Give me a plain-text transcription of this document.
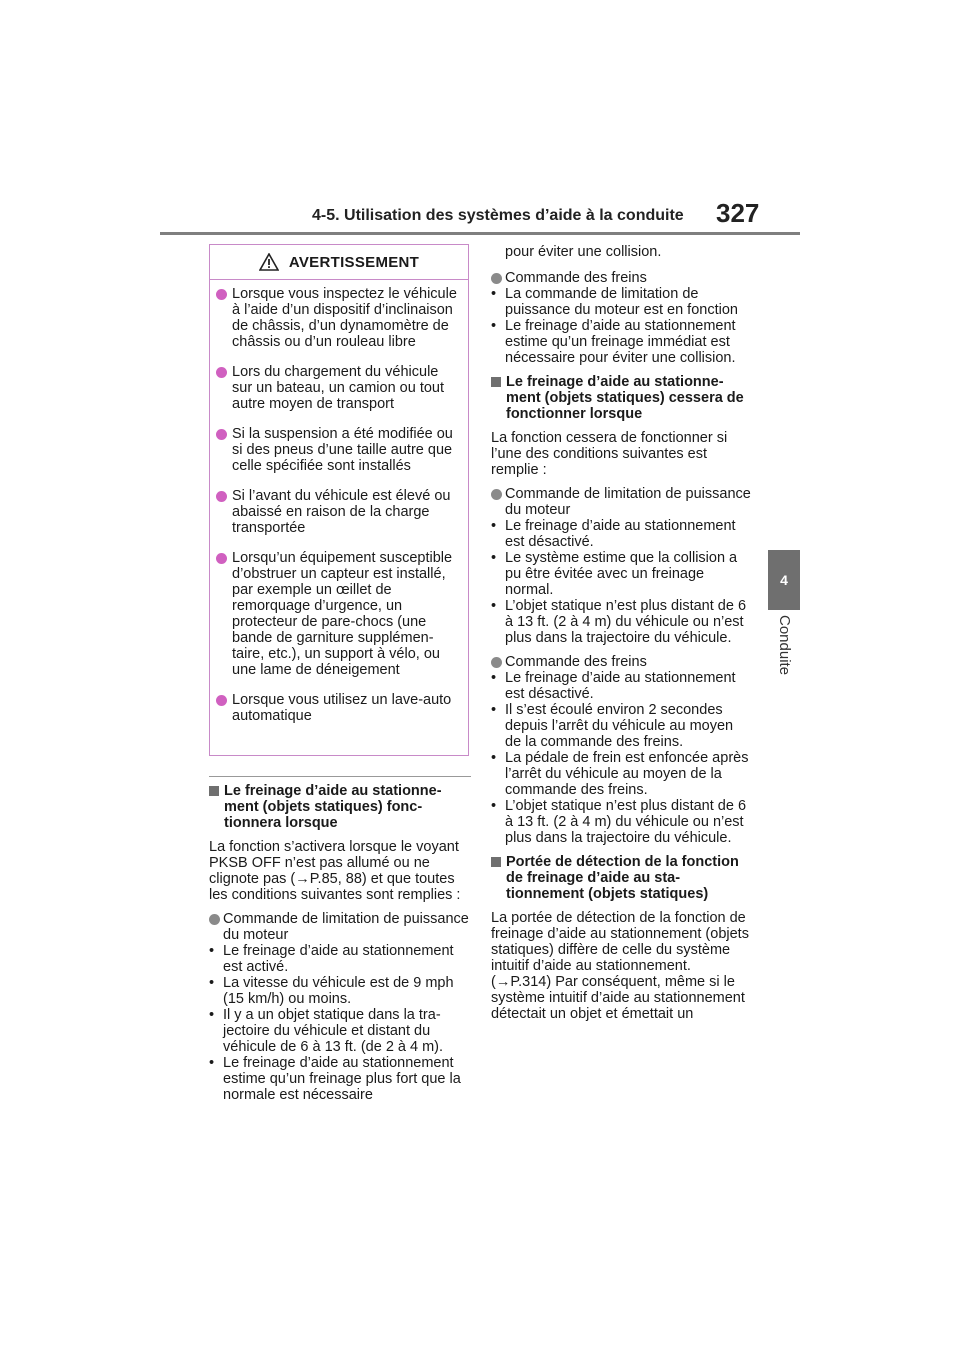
4-5. Utilisation des systèmes d’aide à la conduite 327
4
Conduite
AVERTISSEMENT
Lorsque vous inspectez le véhicule à l’aide d’un dispositif d’inclinaison de châssis, d’un dynamomètre de châssis ou d’un rouleau libre
Lors du chargement du véhicule sur un bateau, un camion ou tout autre moyen de transport
Si la suspension a été modifiée ou si des pneus d’une taille autre que celle spécifiée sont installés
Si l’avant du véhicule est élevé ou abaissé en raison de la charge transportée
Lorsqu’un équipement susceptible d’obstruer un capteur est installé, par exemple un œillet de remorquage d’urgence, un protecteur de pare-chocs (une bande de garniture supplémentaire, etc.), un support à vélo, ou une lame de déneigement
Lorsque vous utilisez un lave-auto automatique
Le freinage d’aide au stationnement (objets statiques) fonctionnera lorsque
La fonction s’activera lorsque le voyant PKSB OFF n’est pas allumé ou ne clignote pas (→P.85, 88) et que toutes les conditions suivantes sont remplies :
Commande de limitation de puissance du moteur
• Le freinage d’aide au stationnement est activé.
• La vitesse du véhicule est de 9 mph (15 km/h) ou moins.
• Il y a un objet statique dans la trajectoire du véhicule et distant du véhicule de 6 à 13 ft. (de 2 à 4 m).
• Le freinage d’aide au stationnement estime qu’un freinage plus fort que la normale est nécessaire
pour éviter une collision.
Commande des freins
• La commande de limitation de puissance du moteur est en fonction
• Le freinage d’aide au stationnement estime qu’un freinage immédiat est nécessaire pour éviter une collision.
Le freinage d’aide au stationnement (objets statiques) cessera de fonctionner lorsque
La fonction cessera de fonctionner si l’une des conditions suivantes est remplie :
Commande de limitation de puissance du moteur
• Le freinage d’aide au stationnement est désactivé.
• Le système estime que la collision a pu être évitée avec un freinage normal.
• L’objet statique n’est plus distant de 6 à 13 ft. (2 à 4 m) du véhicule ou n’est plus dans la trajectoire du véhicule.
Commande des freins
• Le freinage d’aide au stationnement est désactivé.
• Il s’est écoulé environ 2 secondes depuis l’arrêt du véhicule au moyen de la commande des freins.
• La pédale de frein est enfoncée après l’arrêt du véhicule au moyen de la commande des freins.
• L’objet statique n’est plus distant de 6 à 13 ft. (2 à 4 m) du véhicule ou n’est plus dans la trajectoire du véhicule.
Portée de détection de la fonction de freinage d’aide au stationnement (objets statiques)
La portée de détection de la fonction de freinage d’aide au stationnement (objets statiques) diffère de celle du système intuitif d’aide au stationnement. (→P.314) Par conséquent, même si le système intuitif d’aide au stationnement détectait un objet et émettait un
